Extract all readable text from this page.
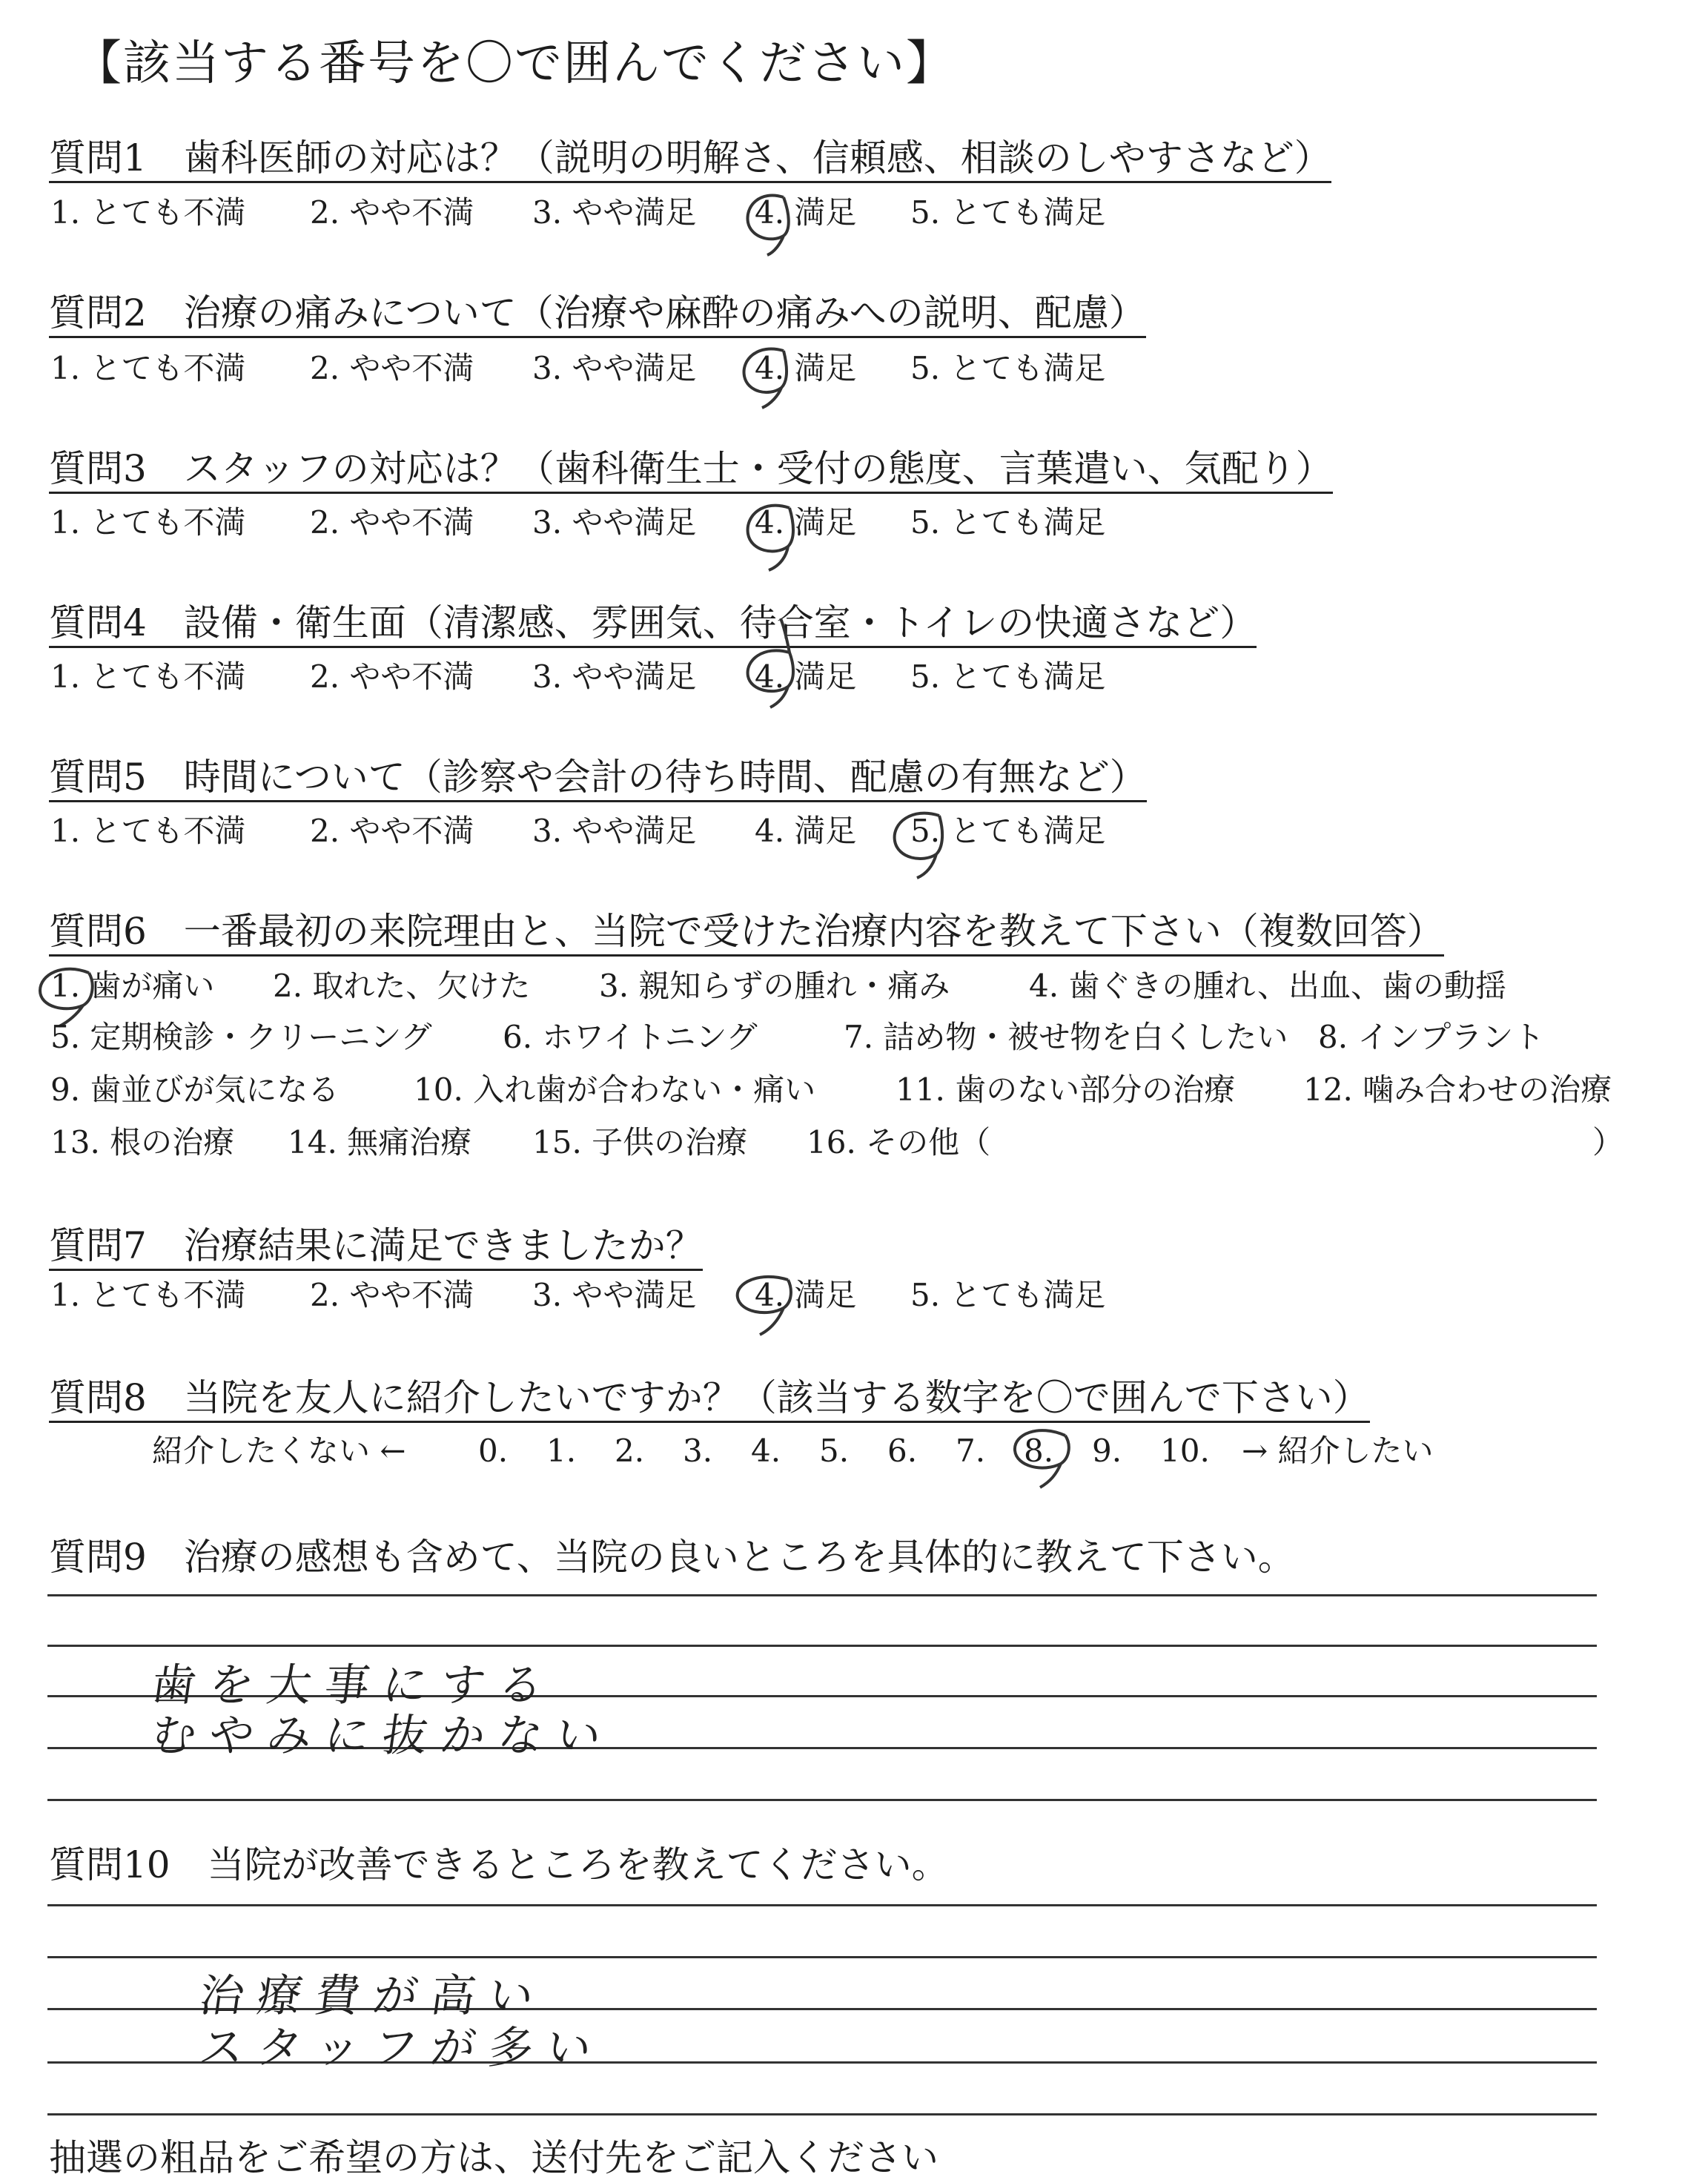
【該当する番号を〇で囲んでください】
質問1　歯科医師の対応は？（説明の明解さ、信頼感、相談のしやすさなど）
1. とても不満 2. やや不満 3. やや満足 4. 満足 5. とても満足
質問2　治療の痛みについて（治療や麻酔の痛みへの説明、配慮）
1. とても不満 2. やや不満 3. やや満足 4. 満足 5. とても満足
質問3　スタッフの対応は？（歯科衛生士・受付の態度、言葉遣い、気配り）
1. とても不満 2. やや不満 3. やや満足 4. 満足 5. とても満足
質問4　設備・衛生面（清潔感、雰囲気、待合室・トイレの快適さなど）
1. とても不満 2. やや不満 3. やや満足 4. 満足 5. とても満足
質問5　時間について（診察や会計の待ち時間、配慮の有無など）
1. とても不満 2. やや不満 3. やや満足 4. 満足 5. とても満足
質問6　一番最初の来院理由と、当院で受けた治療内容を教えて下さい（複数回答）
1. 歯が痛い 2. 取れた、欠けた 3. 親知らずの腫れ・痛み	4. 歯ぐきの腫れ、出血、歯の動揺
5. 定期検診・クリーニング 6. ホワイトニング	7. 詰め物・被せ物を白くしたい 8. インプラント
9. 歯並びが気になる 10. 入れ歯が合わない・痛い	11. 歯のない部分の治療 12. 噛み合わせの治療
13. 根の治療 14. 無痛治療 15. 子供の治療 16. その他（	）
質問7　治療結果に満足できましたか？
1. とても不満 2. やや不満 3. やや満足 4. 満足 5. とても満足
質問8　当院を友人に紹介したいですか？（該当する数字を〇で囲んで下さい）
紹介したくない ← 0. 1. 2. 3. 4. 5. 6. 7. 8. 9. 10. → 紹介したい
質問9　治療の感想も含めて、当院の良いところを具体的に教えて下さい。
歯を大事にする
むやみに抜かない
質問10　当院が改善できるところを教えてください。
治療費が高い
スタッフが多い
抽選の粗品をご希望の方は、送付先をご記入ください
